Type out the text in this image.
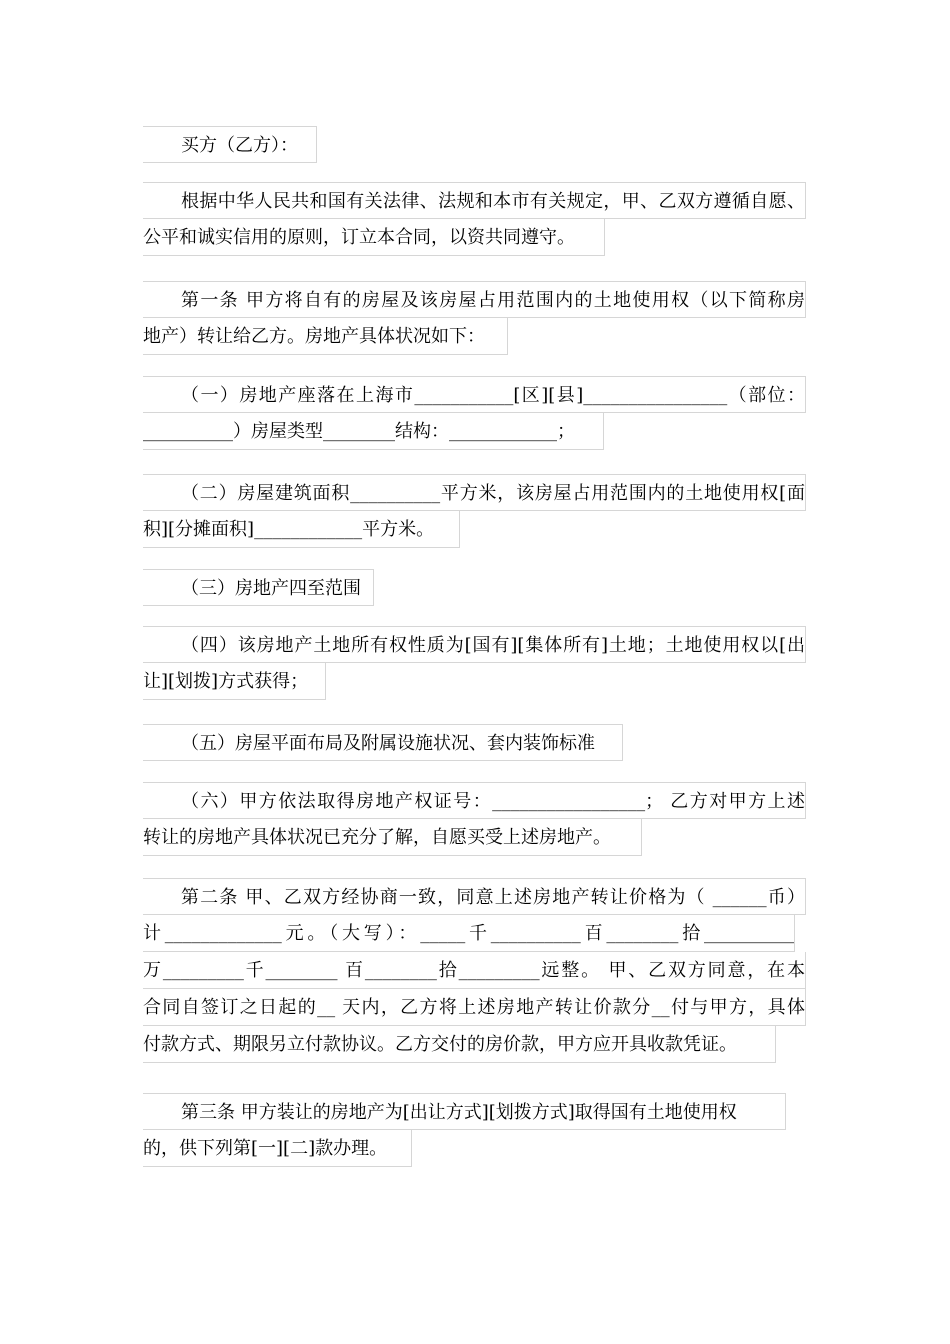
买方（乙方）：
根据中华人民共和国有关法律、法规和本市有关规定，甲、乙双方遵循自愿、
公平和诚实信用的原则，订立本合同，以资共同遵守。
第一条 甲方将自有的房屋及该房屋占用范围内的土地使用权（以下简称房
地产）转让给乙方。房地产具体状况如下：
（一）房地产座落在上海市___________[区][县]________________（部位：
__________）房屋类型________结构：____________；
（二）房屋建筑面积__________平方米，该房屋占用范围内的土地使用权[面
积][分摊面积]____________平方米。
（三）房地产四至范围
（四）该房地产土地所有权性质为[国有][集体所有]土地；土地使用权以[出
让][划拨]方式获得；
（五）房屋平面布局及附属设施状况、套内装饰标准
（六）甲方依法取得房地产权证号：_________________； 乙方对甲方上述
转让的房地产具体状况已充分了解，自愿买受上述房地产。
第二条 甲、乙双方经协商一致，同意上述房地产转让价格为（ ______币）
计_____________元。（大写）：_____千__________百________拾__________
万_________千________ 百________拾_________远整。 甲、乙双方同意，在本
合同自签订之日起的__ 天内，乙方将上述房地产转让价款分__付与甲方，具体
付款方式、期限另立付款协议。乙方交付的房价款，甲方应开具收款凭证。
第三条 甲方装让的房地产为[出让方式][划拨方式]取得国有土地使用权
的，供下列第[一][二]款办理。
